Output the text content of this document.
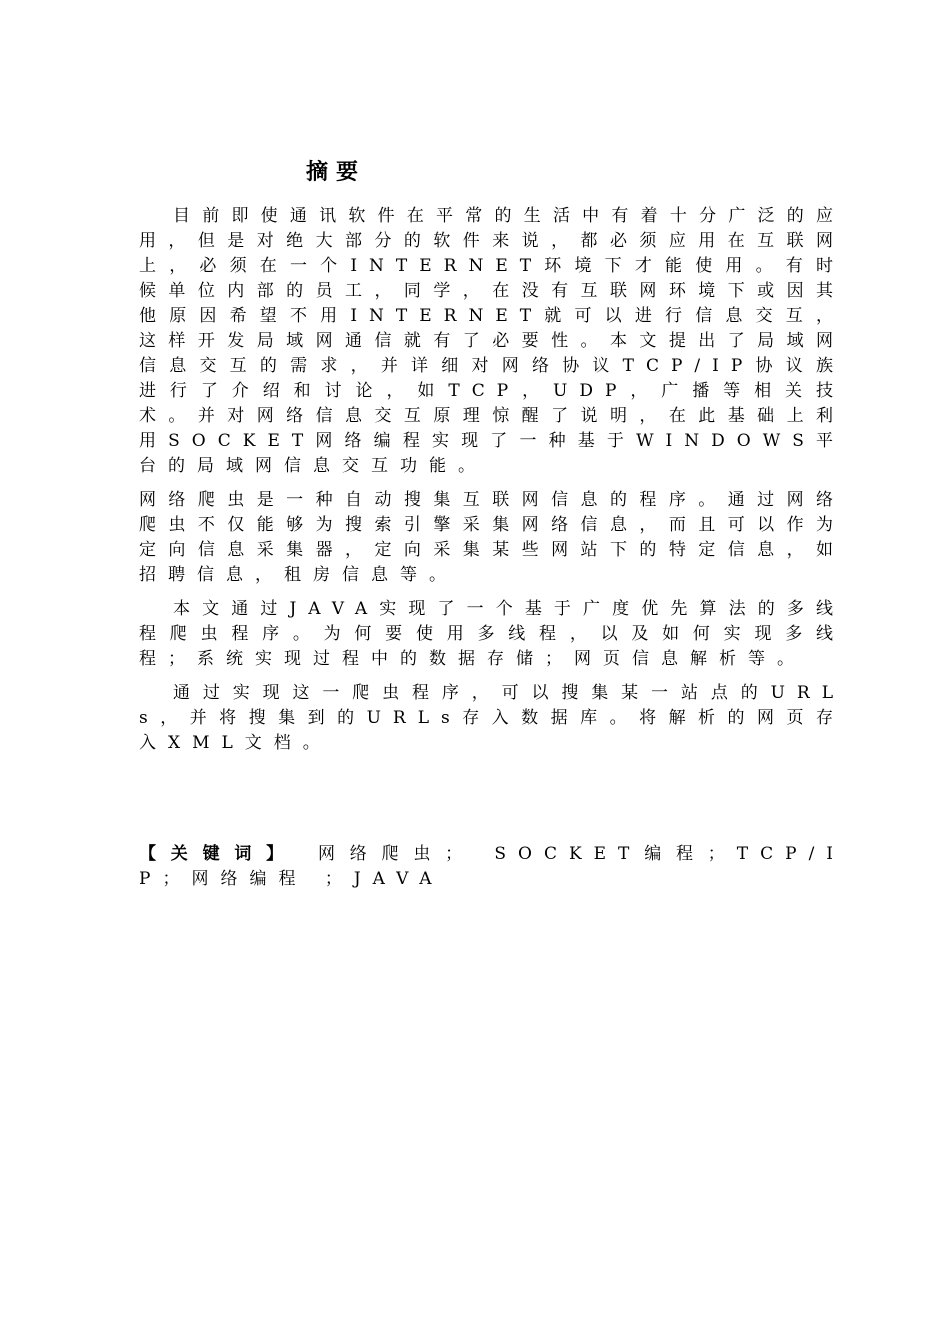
摘要

目前即使通讯软件在平常的生活中有着十分广泛的应用，但是对绝大部分的软件来说，都必须应用在互联网上，必须在一个INTERNET环境下才能使用。有时候单位内部的员工，同学，在没有互联网环境下或因其他原因希望不用INTERNET就可以进行信息交互，这样开发局域网通信就有了必要性。本文提出了局域网信息交互的需求，并详细对网络协议TCP/IP协议族进行了介绍和讨论，如TCP，UDP，广播等相关技术。并对网络信息交互原理惊醒了说明，在此基础上利用SOCKET网络编程实现了一种基于WINDOWS平台的局域网信息交互功能。

网络爬虫是一种自动搜集互联网信息的程序。通过网络爬虫不仅能够为搜索引擎采集网络信息，而且可以作为定向信息采集器，定向采集某些网站下的特定信息，如招聘信息，租房信息等。

本文通过JAVA实现了一个基于广度优先算法的多线程爬虫程序。为何要使用多线程，以及如何实现多线程；系统实现过程中的数据存储；网页信息解析等。

通过实现这一爬虫程序，可以搜集某一站点的URLs，并将搜集到的URLs存入数据库。将解析的网页存入XML文档。

【关键词】 网络爬虫； SOCKET编程；TCP/IP；网络编程 ；JAVA
